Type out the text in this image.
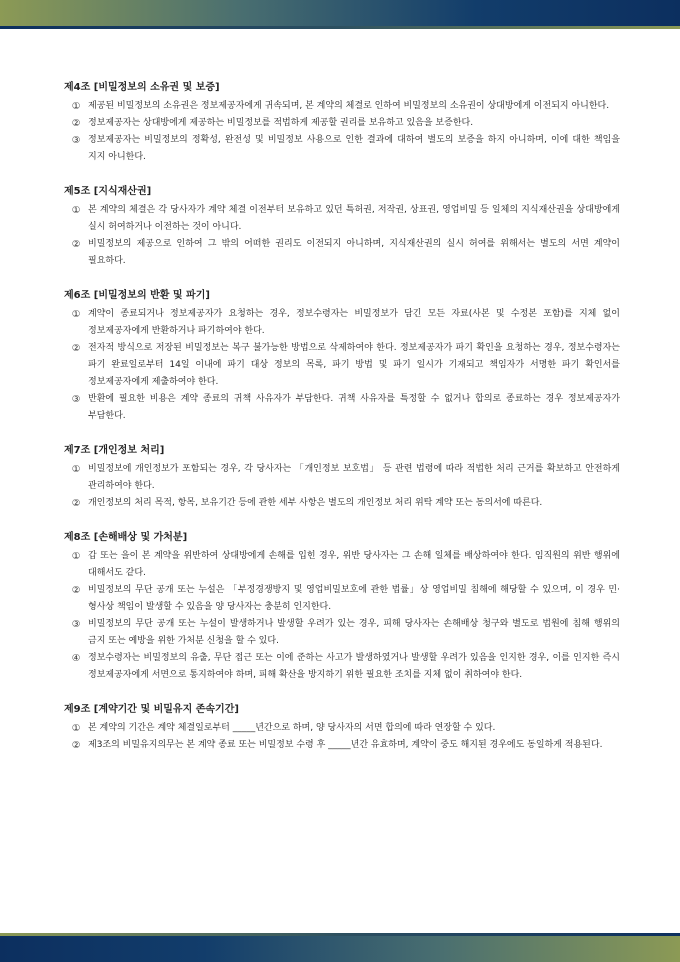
제4조 [비밀정보의 소유권 및 보증]
① 제공된 비밀정보의 소유권은 정보제공자에게 귀속되며, 본 계약의 체결로 인하여 비밀정보의 소유권이 상대방에게 이전되지 아니한다.
② 정보제공자는 상대방에게 제공하는 비밀정보를 적법하게 제공할 권리를 보유하고 있음을 보증한다.
③ 정보제공자는 비밀정보의 정확성, 완전성 및 비밀정보 사용으로 인한 결과에 대하여 별도의 보증을 하지 아니하며, 이에 대한 책임을 지지 아니한다.
제5조 [지식재산권]
① 본 계약의 체결은 각 당사자가 계약 체결 이전부터 보유하고 있던 특허권, 저작권, 상표권, 영업비밀 등 일체의 지식재산권을 상대방에게 실시 허여하거나 이전하는 것이 아니다.
② 비밀정보의 제공으로 인하여 그 밖의 어떠한 권리도 이전되지 아니하며, 지식재산권의 실시 허여를 위해서는 별도의 서면 계약이 필요하다.
제6조 [비밀정보의 반환 및 파기]
① 계약이 종료되거나 정보제공자가 요청하는 경우, 정보수령자는 비밀정보가 담긴 모든 자료(사본 및 수정본 포함)를 지체 없이 정보제공자에게 반환하거나 파기하여야 한다.
② 전자적 방식으로 저장된 비밀정보는 복구 불가능한 방법으로 삭제하여야 한다. 정보제공자가 파기 확인을 요청하는 경우, 정보수령자는 파기 완료일로부터 14일 이내에 파기 대상 정보의 목록, 파기 방법 및 파기 일시가 기재되고 책임자가 서명한 파기 확인서를 정보제공자에게 제출하여야 한다.
③ 반환에 필요한 비용은 계약 종료의 귀책 사유자가 부담한다. 귀책 사유자를 특정할 수 없거나 합의로 종료하는 경우 정보제공자가 부담한다.
제7조 [개인정보 처리]
① 비밀정보에 개인정보가 포함되는 경우, 각 당사자는 「개인정보 보호법」 등 관련 법령에 따라 적법한 처리 근거를 확보하고 안전하게 관리하여야 한다.
② 개인정보의 처리 목적, 항목, 보유기간 등에 관한 세부 사항은 별도의 개인정보 처리 위탁 계약 또는 동의서에 따른다.
제8조 [손해배상 및 가처분]
① 갑 또는 을이 본 계약을 위반하여 상대방에게 손해를 입힌 경우, 위반 당사자는 그 손해 일체를 배상하여야 한다. 임직원의 위반 행위에 대해서도 같다.
② 비밀정보의 무단 공개 또는 누설은 「부정경쟁방지 및 영업비밀보호에 관한 법률」상 영업비밀 침해에 해당할 수 있으며, 이 경우 민·형사상 책임이 발생할 수 있음을 양 당사자는 충분히 인지한다.
③ 비밀정보의 무단 공개 또는 누설이 발생하거나 발생할 우려가 있는 경우, 피해 당사자는 손해배상 청구와 별도로 법원에 침해 행위의 금지 또는 예방을 위한 가처분 신청을 할 수 있다.
④ 정보수령자는 비밀정보의 유출, 무단 접근 또는 이에 준하는 사고가 발생하였거나 발생할 우려가 있음을 인지한 경우, 이를 인지한 즉시 정보제공자에게 서면으로 통지하여야 하며, 피해 확산을 방지하기 위한 필요한 조치를 지체 없이 취하여야 한다.
제9조 [계약기간 및 비밀유지 존속기간]
① 본 계약의 기간은 계약 체결일로부터 _____년간으로 하며, 양 당사자의 서면 합의에 따라 연장할 수 있다.
② 제3조의 비밀유지의무는 본 계약 종료 또는 비밀정보 수령 후 _____년간 유효하며, 계약이 중도 해지된 경우에도 동일하게 적용된다.
